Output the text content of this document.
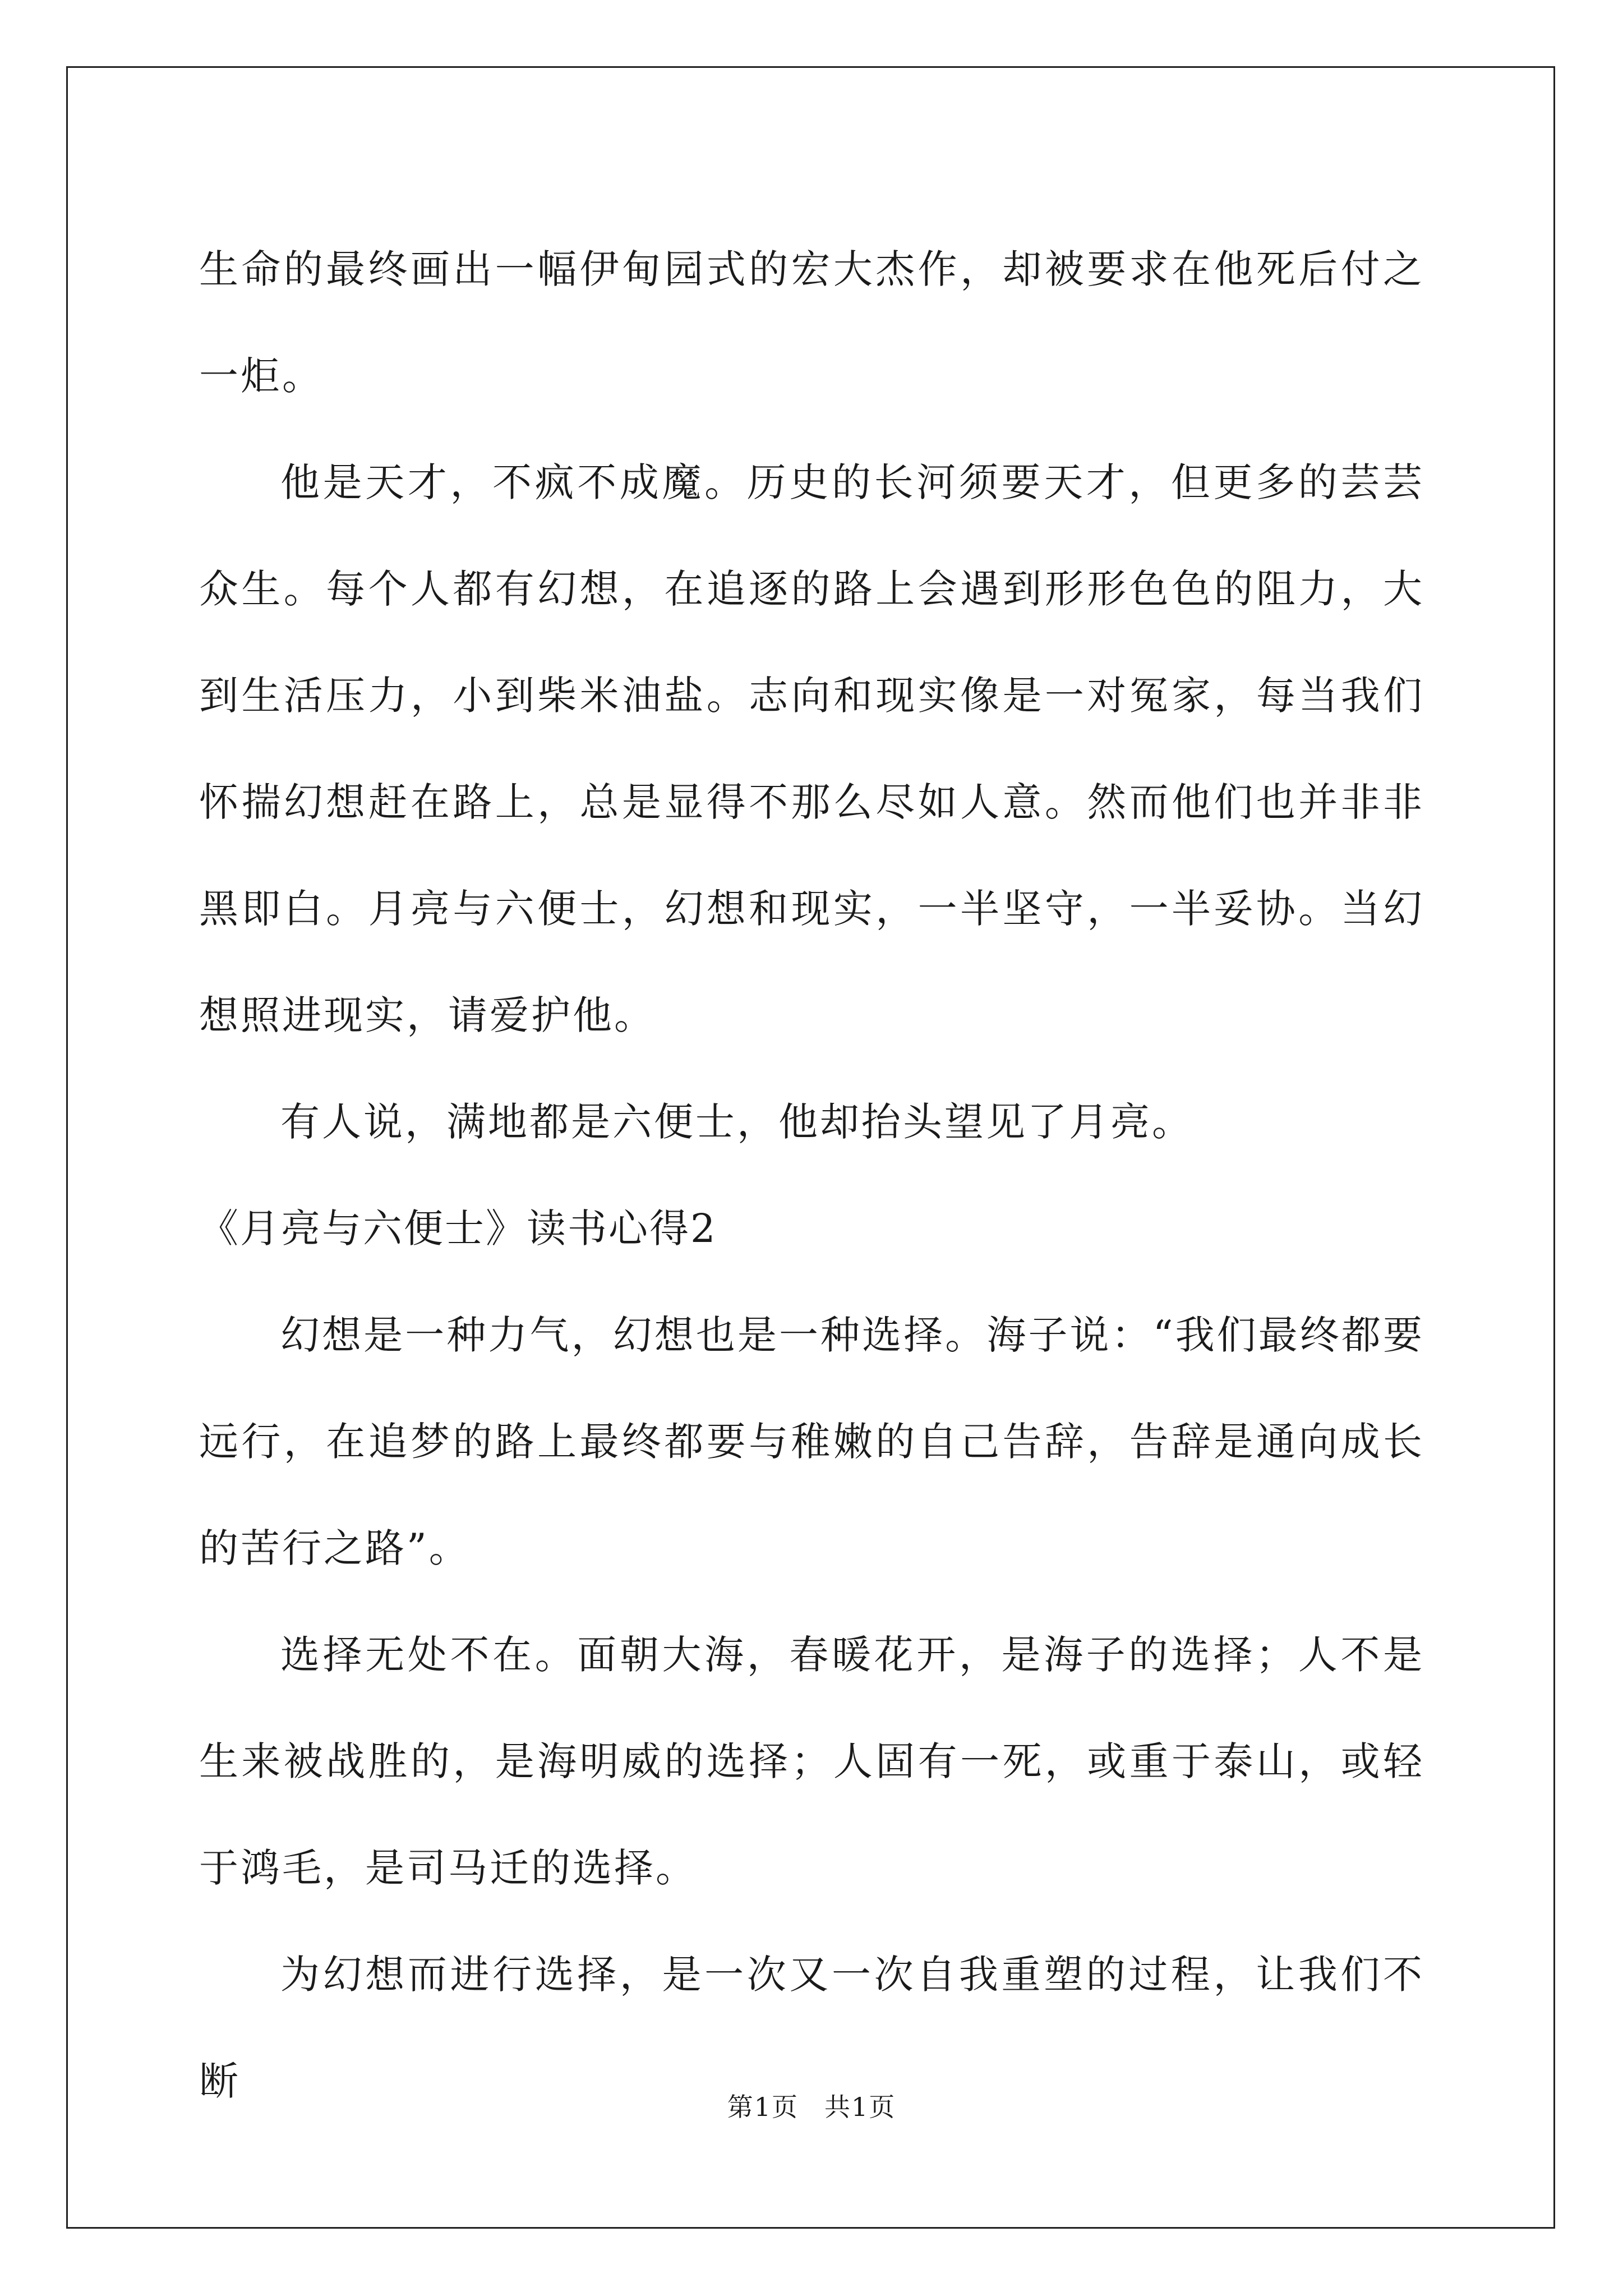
生命的最终画出一幅伊甸园式的宏大杰作，却被要求在他死后付之一炬。

他是天才，不疯不成魔。历史的长河须要天才，但更多的芸芸众生。每个人都有幻想，在追逐的路上会遇到形形色色的阻力，大到生活压力，小到柴米油盐。志向和现实像是一对冤家，每当我们怀揣幻想赶在路上，总是显得不那么尽如人意。然而他们也并非非黑即白。月亮与六便士，幻想和现实，一半坚守，一半妥协。当幻想照进现实，请爱护他。

有人说，满地都是六便士，他却抬头望见了月亮。

《月亮与六便士》读书心得2

幻想是一种力气，幻想也是一种选择。海子说：“我们最终都要远行，在追梦的路上最终都要与稚嫩的自己告辞，告辞是通向成长的苦行之路”。

选择无处不在。面朝大海，春暖花开，是海子的选择；人不是生来被战胜的，是海明威的选择；人固有一死，或重于泰山，或轻于鸿毛，是司马迁的选择。

为幻想而进行选择，是一次又一次自我重塑的过程，让我们不断

第1页 共1页
